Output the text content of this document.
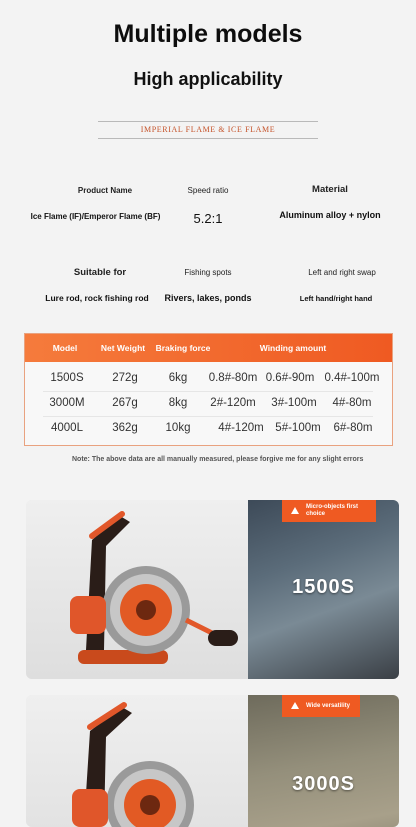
Multiple models
High applicability
IMPERIAL FLAME & ICE FLAME
Product Name
Ice Flame (IF)/Emperor Flame (BF)
Speed ratio
5.2:1
Material
Aluminum alloy + nylon
Suitable for
Lure rod, rock fishing rod
Fishing spots
Rivers, lakes, ponds
Left and right swap
Left hand/right hand
Model	Net Weight	Braking force	Winding amount
1500S	272g	6kg	0.8#-80m 0.6#-90m 0.4#-100m
3000M	267g	8kg	2#-120m	3#-100m	4#-80m
4000L	362g	10kg	4#-120m	5#-100m	6#-80m
Note: The above data are all manually measured, please forgive me for any slight errors
Micro-objects first choice
1500S
Wide versatility
3000S
